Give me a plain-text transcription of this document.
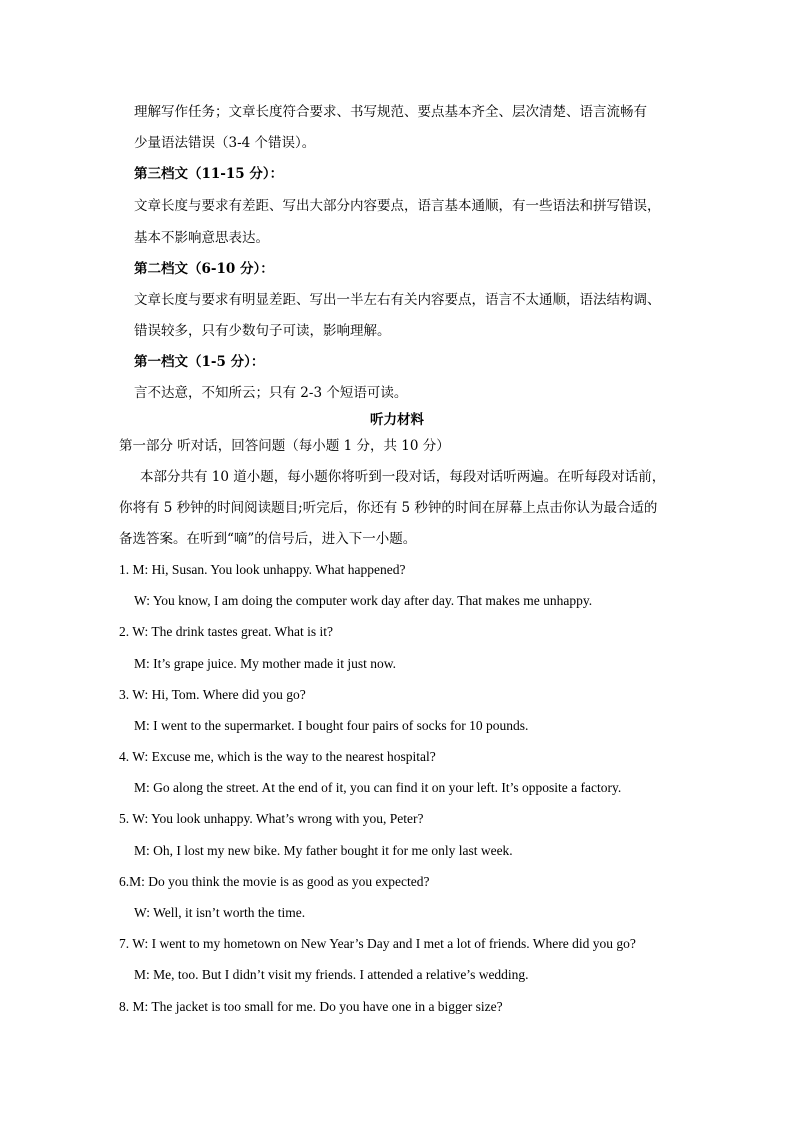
理解写作任务；文章长度符合要求、书写规范、要点基本齐全、层次清楚、语言流畅有
少量语法错误（3-4 个错误）。
第三档文（11-15 分）：
文章长度与要求有差距、写出大部分内容要点，语言基本通顺，有一些语法和拼写错误，
基本不影响意思表达。
第二档文（6-10 分）：
文章长度与要求有明显差距、写出一半左右有关内容要点，语言不太通顺，语法结构调、
错误较多，只有少数句子可读，影响理解。
第一档文（1-5 分）：
言不达意，不知所云；只有 2-3 个短语可读。
听力材料
第一部分 听对话，回答问题（每小题 1 分，共 10 分）
本部分共有 10 道小题，每小题你将听到一段对话，每段对话听两遍。在听每段对话前，
你将有 5 秒钟的时间阅读题目;听完后，你还有 5 秒钟的时间在屏幕上点击你认为最合适的
备选答案。在听到“嘀”的信号后，进入下一小题。
1. M: Hi, Susan. You look unhappy. What happened?
W: You know, I am doing the computer work day after day. That makes me unhappy.
2. W: The drink tastes great. What is it?
M: It’s grape juice. My mother made it just now.
3. W: Hi, Tom. Where did you go?
M: I went to the supermarket. I bought four pairs of socks for 10 pounds.
4. W: Excuse me, which is the way to the nearest hospital?
M: Go along the street. At the end of it, you can find it on your left. It’s opposite a factory.
5. W: You look unhappy. What’s wrong with you, Peter?
M: Oh, I lost my new bike. My father bought it for me only last week.
6.M: Do you think the movie is as good as you expected?
W: Well, it isn’t worth the time.
7. W: I went to my hometown on New Year’s Day and I met a lot of friends. Where did you go?
M: Me, too. But I didn’t visit my friends. I attended a relative’s wedding.
8. M: The jacket is too small for me. Do you have one in a bigger size?
